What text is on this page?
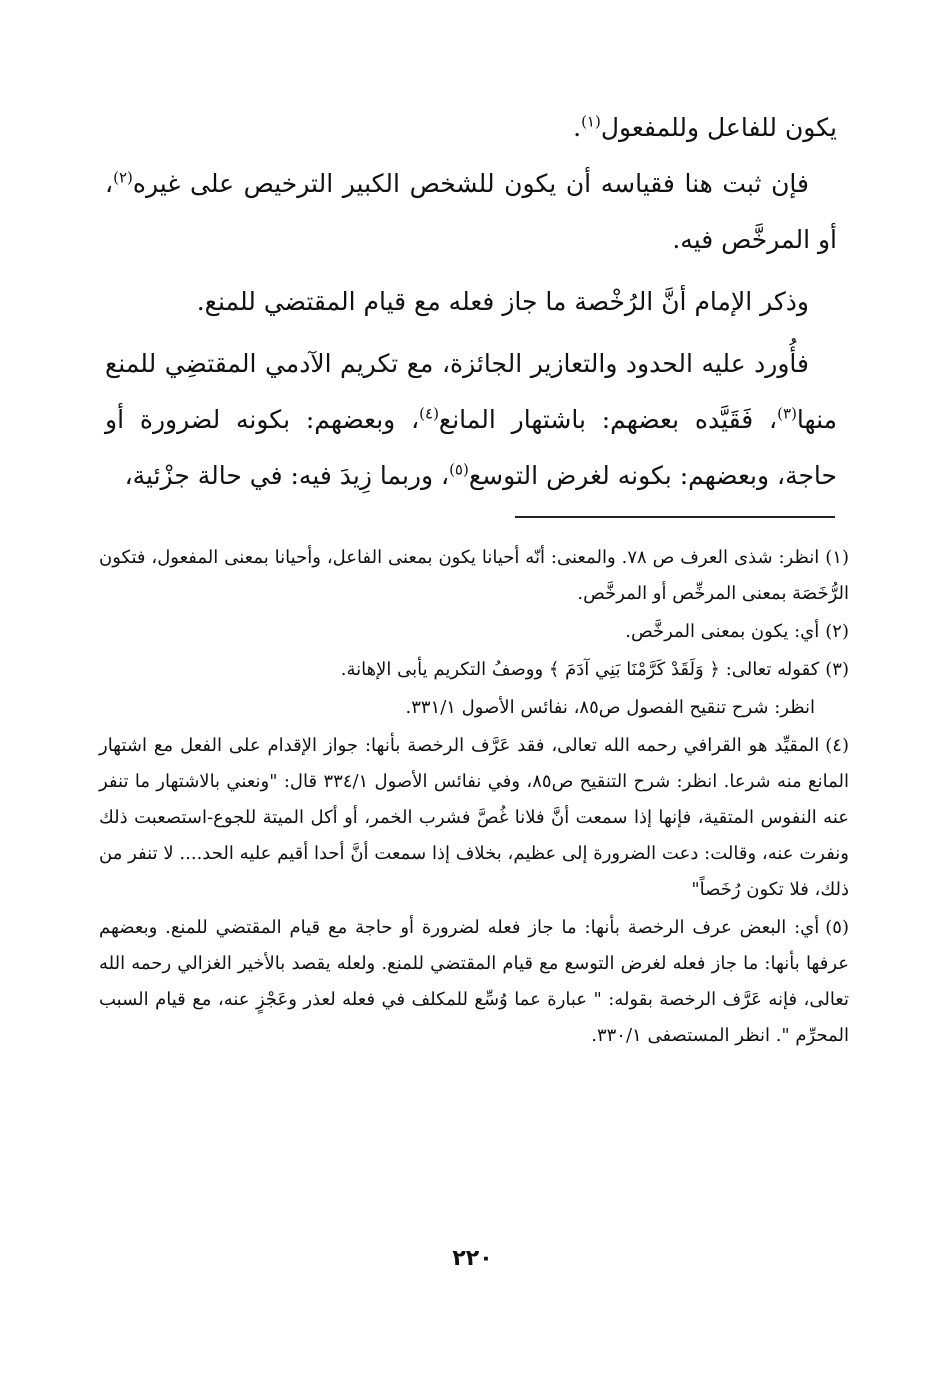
يكون للفاعل وللمفعول$^{(١)}$.

فإن ثبت هنا فقياسه أن يكون للشخص الكبير الترخيص على غيره$^{(٢)}$، أو المرخَّص فيه.

وذكر الإمام أنَّ الرُخْصة ما جاز فعله مع قيام المقتضي للمنع.

فأُورد عليه الحدود والتعازير الجائزة، مع تكريم الآدمي المقتضِي للمنع منها$^{(٣)}$، فَقَيَّده بعضهم: باشتهار المانع$^{(٤)}$، وبعضهم: بكونه لضرورة أو حاجة، وبعضهم: بكونه لغرض التوسع$^{(٥)}$، وربما زِيدَ فيه: في حالة جزْئية،

(١)انظر: شذى العرف ص ٧٨. والمعنى: أنّه أحيانا يكون بمعنى الفاعل، وأحيانا بمعنى المفعول، فتكون الرُّخَصَة بمعنى المرخِّص أو المرخَّص.

(٢)أي: يكون بمعنى المرخَّص.

(٣)كقوله تعالى: ﴿ وَلَقَدْ كَرَّمْنَا بَنِي آدَمَ ﴾ ووصفُ التكريم يأبى الإهانة.

انظر: شرح تنقيح الفصول ص٨٥، نفائس الأصول ٣٣١/١.

(٤)المقيِّد هو القرافي رحمه الله تعالى، فقد عَرَّف الرخصة بأنها: جواز الإقدام على الفعل مع اشتهار المانع منه شرعا. انظر: شرح التنقيح ص٨٥، وفي نفائس الأصول ٣٣٤/١ قال: "ونعني بالاشتهار ما تنفر عنه النفوس المتقية، فإنها إذا سمعت أنَّ فلانا غُصَّ فشرب الخمر، أو أكل الميتة للجوع-استصعبت ذلك ونفرت عنه، وقالت: دعت الضرورة إلى عظيم، بخلاف إذا سمعت أنَّ أحدا أقيم عليه الحد.... لا تنفر من ذلك، فلا تكون رُخَصاً"

(٥)أي: البعض عرف الرخصة بأنها: ما جاز فعله لضرورة أو حاجة مع قيام المقتضي للمنع. وبعضهم عرفها بأنها: ما جاز فعله لغرض التوسع مع قيام المقتضي للمنع. ولعله يقصد بالأخير الغزالي رحمه الله تعالى، فإنه عَرَّف الرخصة بقوله: " عبارة عما وُسِّع للمكلف في فعله لعذر وعَجْزٍ عنه، مع قيام السبب المحرِّم ". انظر المستصفى ٣٣٠/١.

٢٢٠
